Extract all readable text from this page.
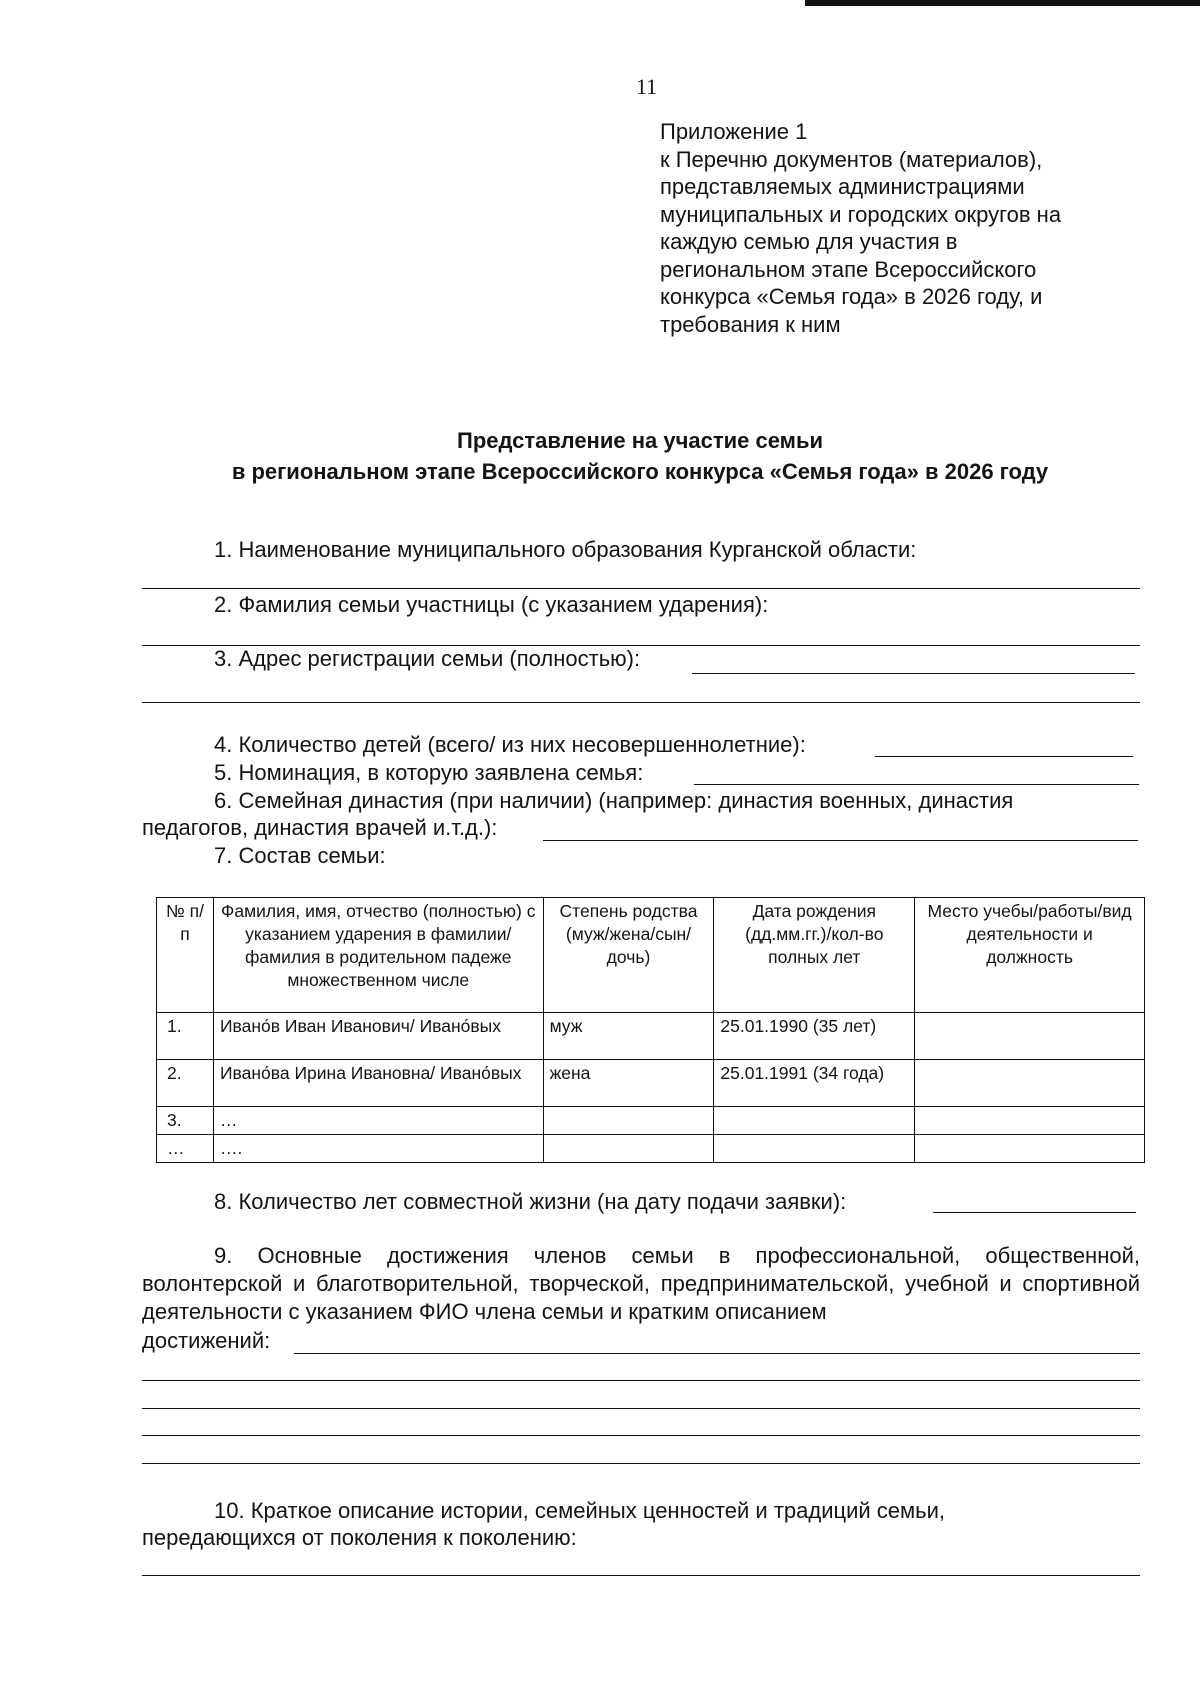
11
Приложение 1
к Перечню документов (материалов),
представляемых администрациями
муниципальных и городских округов на
каждую семью для участия в
региональном этапе Всероссийского
конкурса «Семья года» в 2026 году, и
требования к ним
Представление на участие семьи
в региональном этапе Всероссийского конкурса «Семья года» в 2026 году
1. Наименование муниципального образования Курганской области:
2. Фамилия семьи участницы (с указанием ударения):
3. Адрес регистрации семьи (полностью):
4. Количество детей (всего/ из них несовершеннолетние):
5. Номинация, в которую заявлена семья:
6. Семейная династия (при наличии) (например: династия военных, династия
педагогов, династия врачей и.т.д.):
7. Состав семьи:
№ п/п	Фамилия, имя, отчество (полностью) с указанием ударения в фамилии/ фамилия в родительном падеже множественном числе	Степень родства (муж/жена/сын/ дочь)	Дата рождения (дд.мм.гг.)/кол-во полных лет	Место учебы/работы/вид деятельности и должность
1.	Ивано́в Иван Иванович/ Ивано́вых	муж	25.01.1990 (35 лет)	
2.	Ивано́ва Ирина Ивановна/ Ивано́вых	жена	25.01.1991 (34 года)	
3.	…			
…	….			
8. Количество лет совместной жизни (на дату подачи заявки):
9. Основные достижения членов семьи в профессиональной, общественной, волонтерской и благотворительной, творческой, предпринимательской, учебной и спортивной деятельности с указанием ФИО члена семьи и кратким описанием
достижений:
10. Краткое описание истории, семейных ценностей и традиций семьи,
передающихся от поколения к поколению:
